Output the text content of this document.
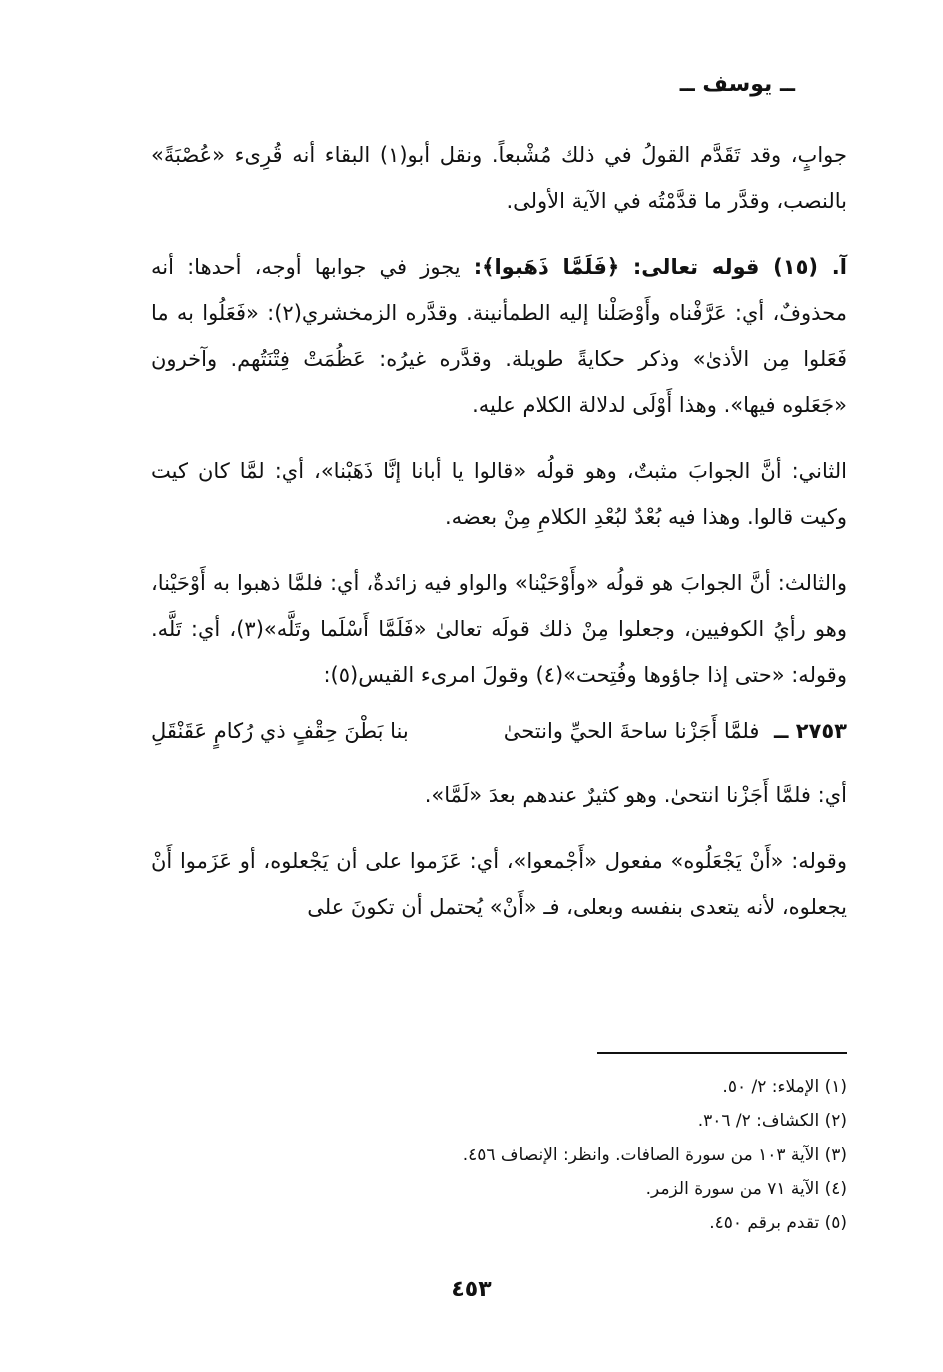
ــ يوسف ــ

جوابٍ، وقد تَقَدَّم القولُ في ذلك مُشْبعاً. ونقل أبو(١) البقاء أنه قُرِىء «عُصْبَةً» بالنصب، وقدَّر ما قدَّمْتُه في الآية الأولى.

آ. (١٥) قوله تعالى: ﴿فَلَمَّا ذَهَبوا﴾: يجوز في جوابها أوجه، أحدها: أنه محذوفٌ، أي: عَرَّفْناه وأَوْصَلْنا إليه الطمأنينة. وقدَّره الزمخشري(٢): «فَعَلُوا به ما فَعَلوا مِن الأذىٰ» وذكر حكايةً طويلة. وقدَّره غيرُه: عَظُمَتْ فِتْنَتُهم. وآخرون «جَعَلوه فيها». وهذا أَوْلَى لدلالة الكلام عليه.

الثاني: أنَّ الجوابَ مثبتٌ، وهو قولُه «قالوا يا أبانا إنَّا ذَهَبْنا»، أي: لمَّا كان كيت وكيت قالوا. وهذا فيه بُعْدٌ لبُعْدِ الكلامِ مِنْ بعضه.

والثالث: أنَّ الجوابَ هو قولُه «وأَوْحَيْنا» والواو فيه زائدةٌ، أي: فلمَّا ذهبوا به أَوْحَيْنا، وهو رأيُ الكوفيين، وجعلوا مِنْ ذلك قولَه تعالىٰ «فَلَمَّا أَسْلَما وتَلَّه»(٣)، أي: تَلَّه. وقوله: «حتى إذا جاؤوها وفُتِحت»(٤) وقولَ امرىء القيس(٥):

٢٧٥٣ ــ فلمَّا أَجَزْنا ساحةَ الحيِّ وانتحىٰ
بنا بَطْنَ حِقْفٍ ذي رُكامٍ عَقَنْقَلِ

أي: فلمَّا أَجَزْنا انتحىٰ. وهو كثيرٌ عندهم بعدَ «لَمَّا».

وقوله: «أَنْ يَجْعَلُوه» مفعول «أَجْمعوا»، أي: عَزَموا على أن يَجْعلوه، أو عَزَموا أَنْ يجعلوه، لأنه يتعدى بنفسه وبعلى، فـ «أَنْ» يُحتمل أن تكونَ على

(١) الإملاء: ٢/ ٥٠.

(٢) الكشاف: ٢/ ٣٠٦.

(٣) الآية ١٠٣ من سورة الصافات. وانظر: الإنصاف ٤٥٦.

(٤) الآية ٧١ من سورة الزمر.

(٥) تقدم برقم ٤٥٠.

٤٥٣
